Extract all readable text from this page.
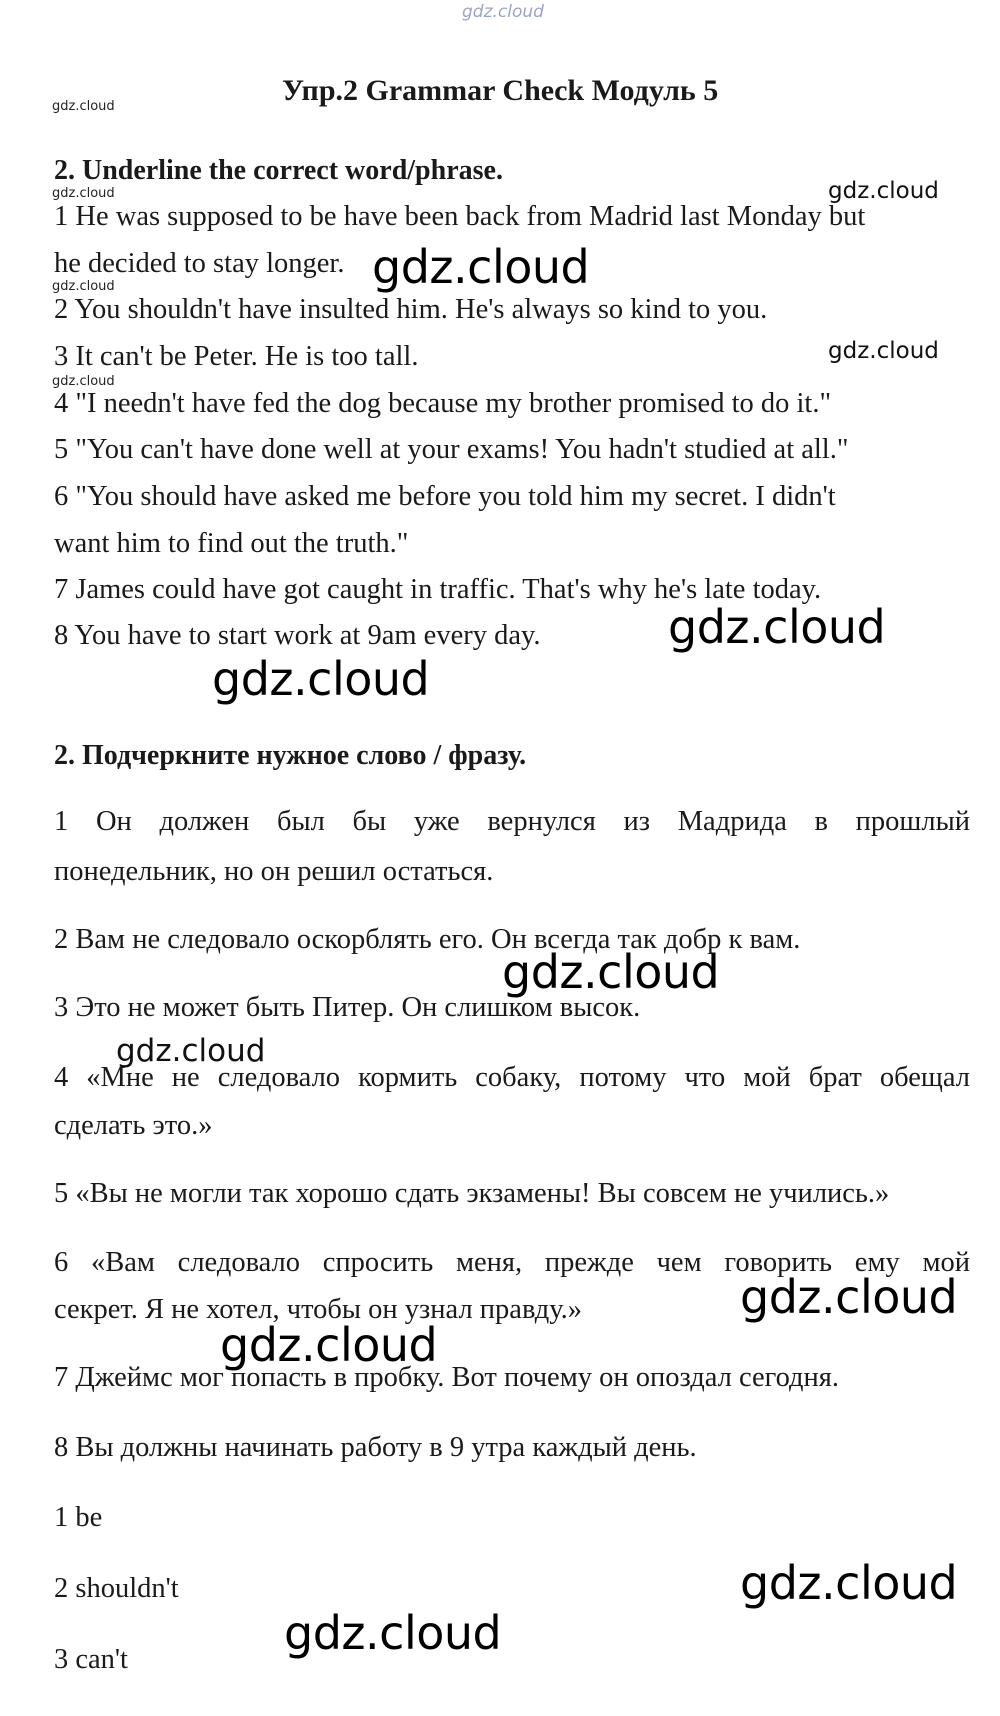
gdz.cloud
Упр.2 Grammar Check Модуль 5
gdz.cloud
2. Underline the correct word/phrase.
gdz.cloud	gdz.cloud
1 He was supposed to be have been back from Madrid last Monday but
he decided to stay longer. gdz.cloud
gdz.cloud
2 You shouldn't have insulted him. He's always so kind to you.
3 It can't be Peter. He is too tall.	gdz.cloud
gdz.cloud
4 "I needn't have fed the dog because my brother promised to do it."
5 "You can't have done well at your exams! You hadn't studied at all."
6 "You should have asked me before you told him my secret. I didn't
want him to find out the truth."
7 James could have got caught in traffic. That's why he's late today.
8 You have to start work at 9am every day.	gdz.cloud
gdz.cloud
2. Подчеркните нужное слово / фразу.
1 Он должен был бы уже вернулся из Мадрида в прошлый
понедельник, но он решил остаться.
2 Вам не следовало оскорблять его. Он всегда так добр к вам.
gdz.cloud
3 Это не может быть Питер. Он слишком высок.
gdz.cloud
4 «Мне не следовало кормить собаку, потому что мой брат обещал
сделать это.»
5 «Вы не могли так хорошо сдать экзамены! Вы совсем не учились.»
6 «Вам следовало спросить меня, прежде чем говорить ему мой
секрет. Я не хотел, чтобы он узнал правду.»	gdz.cloud
gdz.cloud
7 Джеймс мог попасть в пробку. Вот почему он опоздал сегодня.
8 Вы должны начинать работу в 9 утра каждый день.
1 be
2 shouldn't	gdz.cloud
3 can't	gdz.cloud
